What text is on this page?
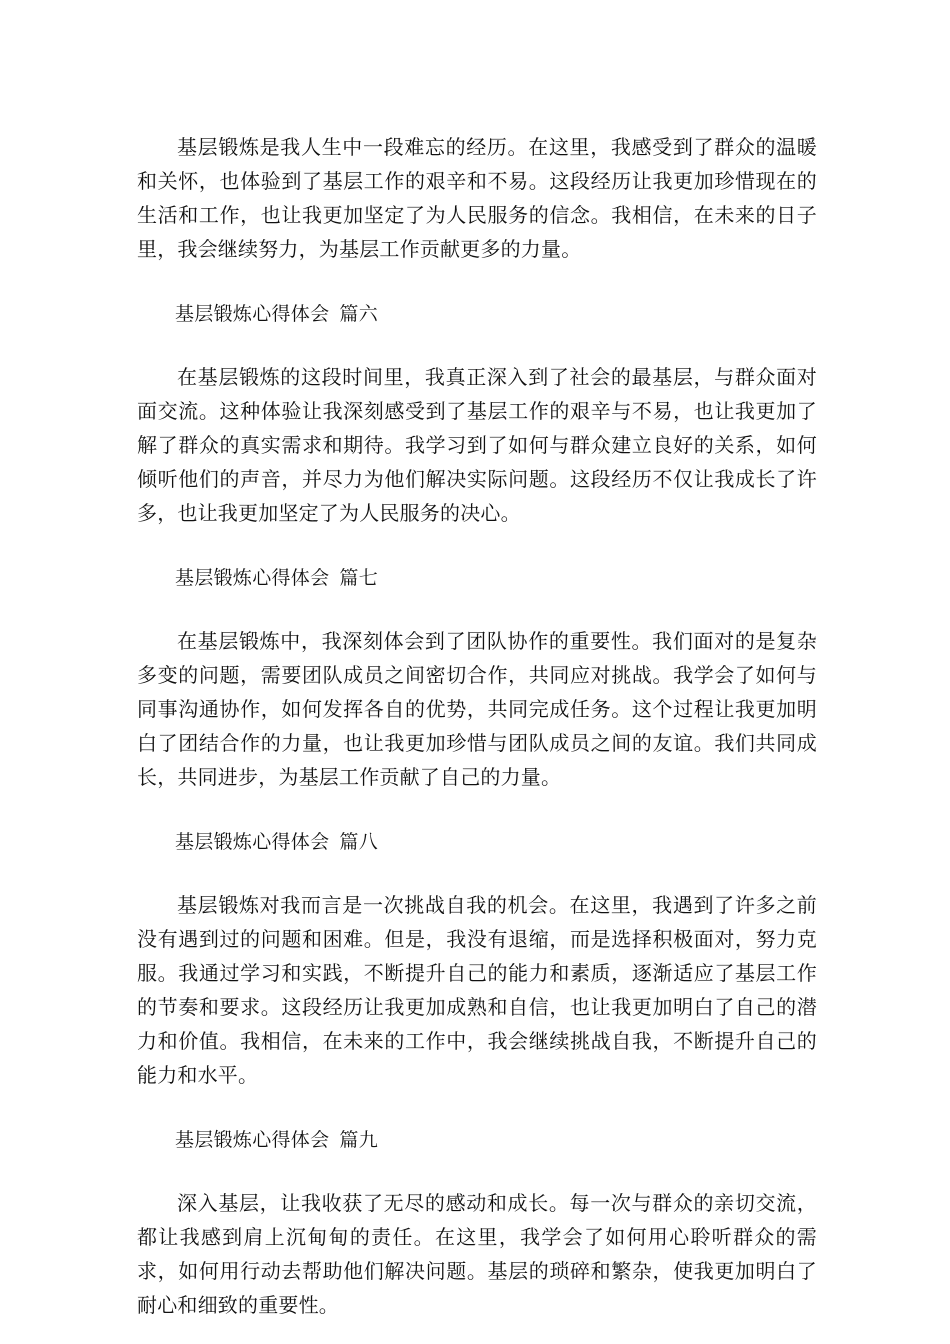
基层锻炼是我人生中一段难忘的经历。在这里，我感受到了群众的温暖和关怀，也体验到了基层工作的艰辛和不易。这段经历让我更加珍惜现在的生活和工作，也让我更加坚定了为人民服务的信念。我相信，在未来的日子里，我会继续努力，为基层工作贡献更多的力量。

基层锻炼心得体会 篇六

在基层锻炼的这段时间里，我真正深入到了社会的最基层，与群众面对面交流。这种体验让我深刻感受到了基层工作的艰辛与不易，也让我更加了解了群众的真实需求和期待。我学习到了如何与群众建立良好的关系，如何倾听他们的声音，并尽力为他们解决实际问题。这段经历不仅让我成长了许多，也让我更加坚定了为人民服务的决心。

基层锻炼心得体会 篇七

在基层锻炼中，我深刻体会到了团队协作的重要性。我们面对的是复杂多变的问题，需要团队成员之间密切合作，共同应对挑战。我学会了如何与同事沟通协作，如何发挥各自的优势，共同完成任务。这个过程让我更加明白了团结合作的力量，也让我更加珍惜与团队成员之间的友谊。我们共同成长，共同进步，为基层工作贡献了自己的力量。

基层锻炼心得体会 篇八

基层锻炼对我而言是一次挑战自我的机会。在这里，我遇到了许多之前没有遇到过的问题和困难。但是，我没有退缩，而是选择积极面对，努力克服。我通过学习和实践，不断提升自己的能力和素质，逐渐适应了基层工作的节奏和要求。这段经历让我更加成熟和自信，也让我更加明白了自己的潜力和价值。我相信，在未来的工作中，我会继续挑战自我，不断提升自己的能力和水平。

基层锻炼心得体会 篇九

深入基层，让我收获了无尽的感动和成长。每一次与群众的亲切交流，都让我感到肩上沉甸甸的责任。在这里，我学会了如何用心聆听群众的需求，如何用行动去帮助他们解决问题。基层的琐碎和繁杂，使我更加明白了耐心和细致的重要性。
